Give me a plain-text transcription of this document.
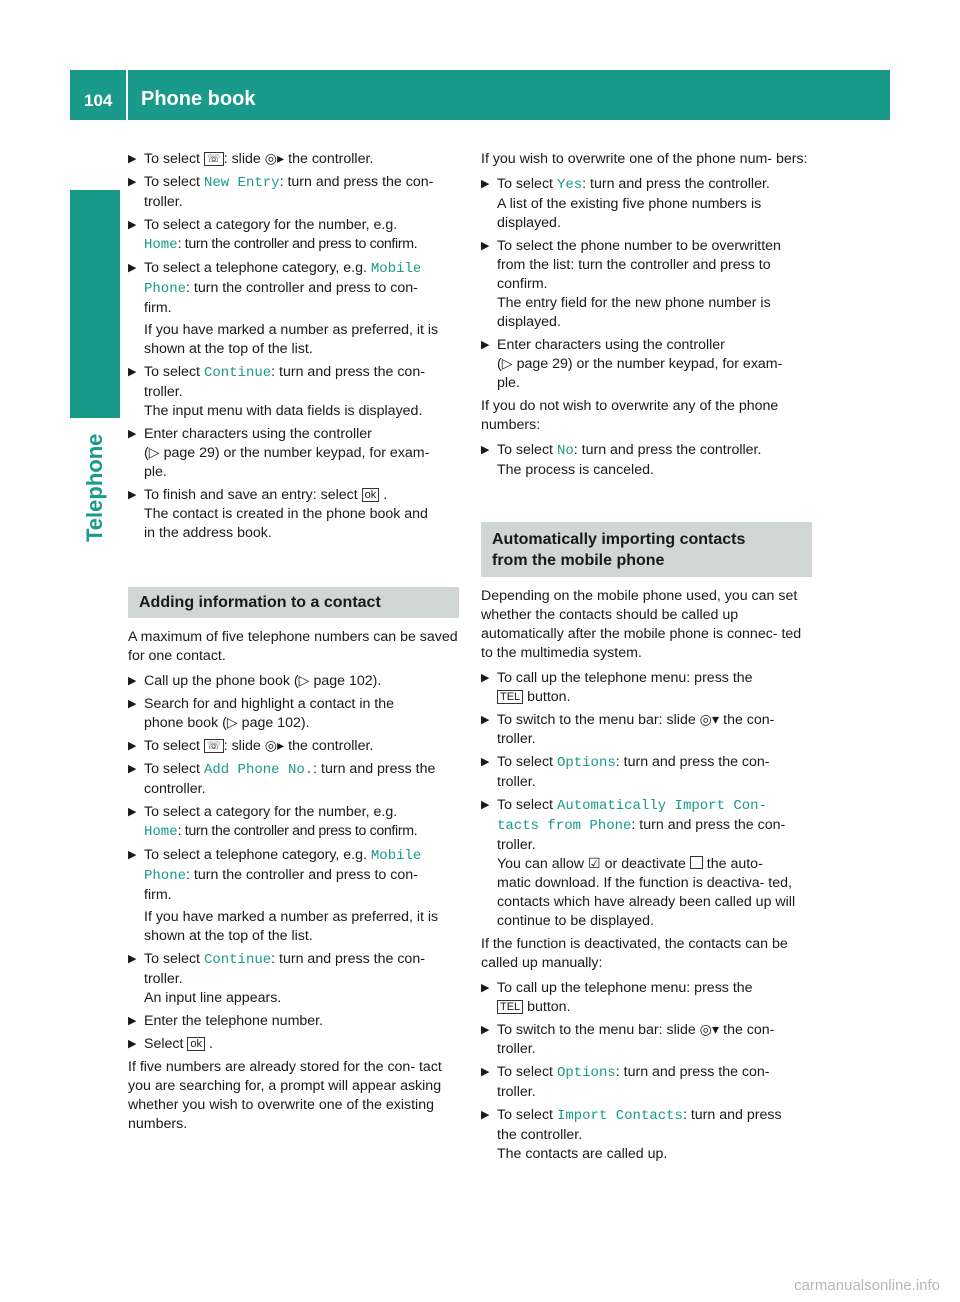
104 Phone book
Telephone
▶ To select ☏ : slide ◎▸ the controller.
▶ To select New Entry: turn and press the con-
troller.
▶ To select a category for the number, e.g.
Home: turn the controller and press to confirm.
▶ To select a telephone category, e.g. Mobile
Phone: turn the controller and press to con-
firm.
If you have marked a number as preferred, it is shown at the top of the list.
▶ To select Continue: turn and press the con-
troller.
The input menu with data fields is displayed.
▶ Enter characters using the controller
(▷ page 29) or the number keypad, for exam-
ple.
▶ To finish and save an entry: select ok .
The contact is created in the phone book and
in the address book.
Adding information to a contact
A maximum of five telephone numbers can be saved for one contact.
▶ Call up the phone book (▷ page 102).
▶ Search for and highlight a contact in the
phone book (▷ page 102).
▶ To select ☏ : slide ◎▸ the controller.
▶ To select Add Phone No.: turn and press the
controller.
▶ To select a category for the number, e.g.
Home: turn the controller and press to confirm.
▶ To select a telephone category, e.g. Mobile
Phone: turn the controller and press to con-
firm.
If you have marked a number as preferred, it is shown at the top of the list.
▶ To select Continue: turn and press the con-
troller.
An input line appears.
▶ Enter the telephone number.
▶ Select ok .
If five numbers are already stored for the con- tact you are searching for, a prompt will appear asking whether you wish to overwrite one of the existing numbers.
If you wish to overwrite one of the phone num- bers:
▶ To select Yes: turn and press the controller.
A list of the existing five phone numbers is displayed.
▶ To select the phone number to be overwritten from the list: turn the controller and press to confirm.
The entry field for the new phone number is displayed.
▶ Enter characters using the controller
(▷ page 29) or the number keypad, for exam-
ple.
If you do not wish to overwrite any of the phone numbers:
▶ To select No: turn and press the controller.
The process is canceled.
Automatically importing contacts
from the mobile phone
Depending on the mobile phone used, you can set whether the contacts should be called up automatically after the mobile phone is connec- ted to the multimedia system.
▶ To call up the telephone menu: press the
TEL button.
▶ To switch to the menu bar: slide ◎▾ the con-
troller.
▶ To select Options: turn and press the con-
troller.
▶ To select Automatically Import Con‐
tacts from Phone: turn and press the con-
troller.
You can allow ☑ or deactivate  the auto-
matic download. If the function is deactiva- ted, contacts which have already been called up will continue to be displayed.
If the function is deactivated, the contacts can be called up manually:
▶ To call up the telephone menu: press the
TEL button.
▶ To switch to the menu bar: slide ◎▾ the con-
troller.
▶ To select Options: turn and press the con-
troller.
▶ To select Import Contacts: turn and press
the controller.
The contacts are called up.
carmanualsonline.info
